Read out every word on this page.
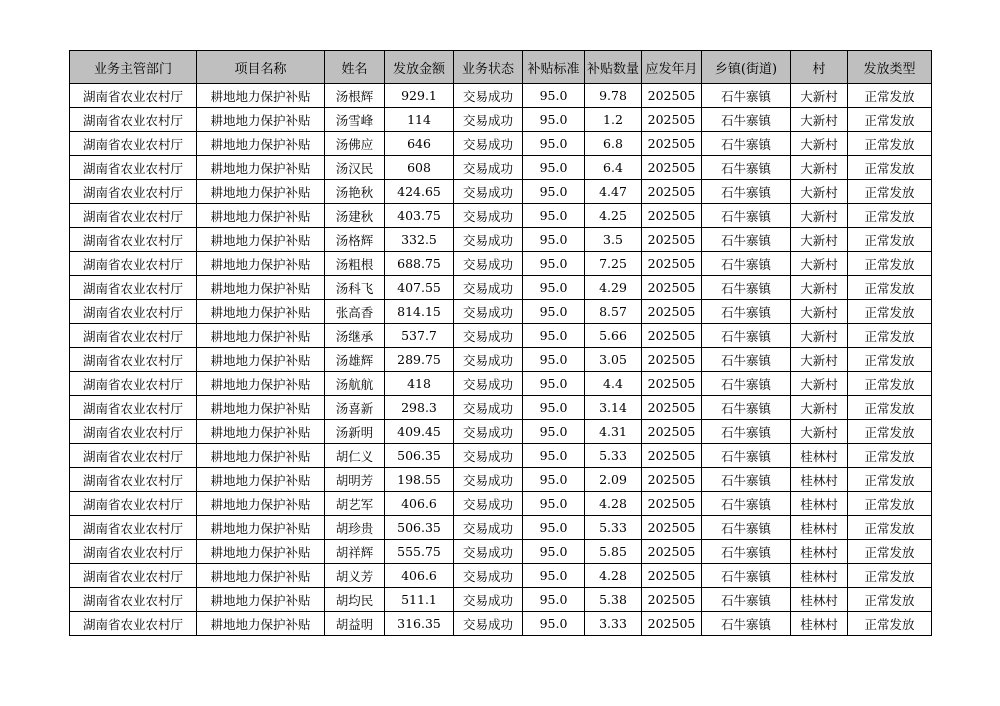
业务主管部门	项目名称	姓名	发放金额	业务状态	补贴标准	补贴数量	应发年月	乡镇(街道)	村	发放类型
湖南省农业农村厅	耕地地力保护补贴	汤根辉	929.1	交易成功	95.0	9.78	202505	石牛寨镇	大新村	正常发放
湖南省农业农村厅	耕地地力保护补贴	汤雪峰	114	交易成功	95.0	1.2	202505	石牛寨镇	大新村	正常发放
湖南省农业农村厅	耕地地力保护补贴	汤佛应	646	交易成功	95.0	6.8	202505	石牛寨镇	大新村	正常发放
湖南省农业农村厅	耕地地力保护补贴	汤汉民	608	交易成功	95.0	6.4	202505	石牛寨镇	大新村	正常发放
湖南省农业农村厅	耕地地力保护补贴	汤艳秋	424.65	交易成功	95.0	4.47	202505	石牛寨镇	大新村	正常发放
湖南省农业农村厅	耕地地力保护补贴	汤建秋	403.75	交易成功	95.0	4.25	202505	石牛寨镇	大新村	正常发放
湖南省农业农村厅	耕地地力保护补贴	汤格辉	332.5	交易成功	95.0	3.5	202505	石牛寨镇	大新村	正常发放
湖南省农业农村厅	耕地地力保护补贴	汤粗根	688.75	交易成功	95.0	7.25	202505	石牛寨镇	大新村	正常发放
湖南省农业农村厅	耕地地力保护补贴	汤科飞	407.55	交易成功	95.0	4.29	202505	石牛寨镇	大新村	正常发放
湖南省农业农村厅	耕地地力保护补贴	张高香	814.15	交易成功	95.0	8.57	202505	石牛寨镇	大新村	正常发放
湖南省农业农村厅	耕地地力保护补贴	汤继承	537.7	交易成功	95.0	5.66	202505	石牛寨镇	大新村	正常发放
湖南省农业农村厅	耕地地力保护补贴	汤雄辉	289.75	交易成功	95.0	3.05	202505	石牛寨镇	大新村	正常发放
湖南省农业农村厅	耕地地力保护补贴	汤航航	418	交易成功	95.0	4.4	202505	石牛寨镇	大新村	正常发放
湖南省农业农村厅	耕地地力保护补贴	汤喜新	298.3	交易成功	95.0	3.14	202505	石牛寨镇	大新村	正常发放
湖南省农业农村厅	耕地地力保护补贴	汤新明	409.45	交易成功	95.0	4.31	202505	石牛寨镇	大新村	正常发放
湖南省农业农村厅	耕地地力保护补贴	胡仁义	506.35	交易成功	95.0	5.33	202505	石牛寨镇	桂林村	正常发放
湖南省农业农村厅	耕地地力保护补贴	胡明芳	198.55	交易成功	95.0	2.09	202505	石牛寨镇	桂林村	正常发放
湖南省农业农村厅	耕地地力保护补贴	胡艺军	406.6	交易成功	95.0	4.28	202505	石牛寨镇	桂林村	正常发放
湖南省农业农村厅	耕地地力保护补贴	胡珍贵	506.35	交易成功	95.0	5.33	202505	石牛寨镇	桂林村	正常发放
湖南省农业农村厅	耕地地力保护补贴	胡祥辉	555.75	交易成功	95.0	5.85	202505	石牛寨镇	桂林村	正常发放
湖南省农业农村厅	耕地地力保护补贴	胡义芳	406.6	交易成功	95.0	4.28	202505	石牛寨镇	桂林村	正常发放
湖南省农业农村厅	耕地地力保护补贴	胡均民	511.1	交易成功	95.0	5.38	202505	石牛寨镇	桂林村	正常发放
湖南省农业农村厅	耕地地力保护补贴	胡益明	316.35	交易成功	95.0	3.33	202505	石牛寨镇	桂林村	正常发放
